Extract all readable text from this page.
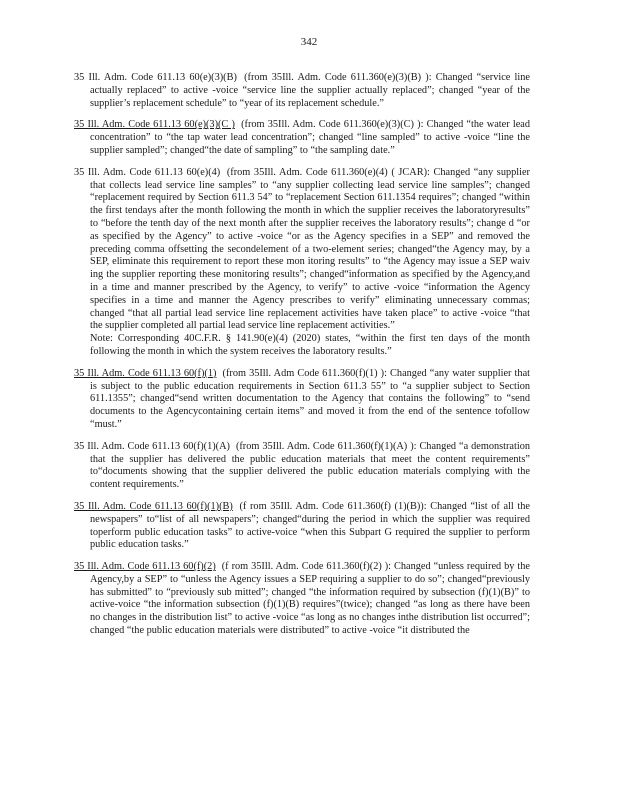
342

35 Ill. Adm. Code 611.13 60(e)(3)(B) (from 35Ill. Adm. Code 611.360(e)(3)(B) ): Changed “service line actually replaced” to active -voice “service line the supplier actually replaced”; changed “year of the supplier’s replacement schedule” to “year of its replacement schedule.”

35 Ill. Adm. Code 611.13 60(e)(3)(C ) (from 35Ill. Adm. Code 611.360(e)(3)(C) ): Changed “the water lead concentration” to “the tap water lead concentration”; changed “line sampled” to active -voice “line the supplier sampled”; changed“the date of sampling” to “the sampling date.”

35 Ill. Adm. Code 611.13 60(e)(4) (from 35Ill. Adm. Code 611.360(e)(4) ( JCAR): Changed “any supplier that collects lead service line samples” to “any supplier collecting lead service line samples”; changed “replacement required by Section 611.3 54” to “replacement Section 611.1354 requires”; changed “within the first tendays after the month following the month in which the supplier receives the laboratoryresults” to “before the tenth day of the next month after the supplier receives the laboratory results”; change d “or as specified by the Agency” to active -voice “or as the Agency specifies in a SEP” and removed the preceding comma offsetting the secondelement of a two-element series; changed“the Agency may, by a SEP, eliminate this requirement to report these mon itoring results” to “the Agency may issue a SEP waiv ing the supplier reporting these monitoring results”; changed“information as specified by the Agency,and in a time and manner prescribed by the Agency, to verify” to active -voice “information the Agency specifies in a time and manner the Agency prescribes to verify” eliminating unnecessary commas; changed “that all partial lead service line replacement activities have taken place” to active -voice “that the supplier completed all partial lead service line replacement activities.”
Note: Corresponding 40C.F.R. § 141.90(e)(4) (2020) states, “within the first ten days of the month following the month in which the system receives the laboratory results.”

35 Ill. Adm. Code 611.13 60(f)(1) (from 35Ill. Adm Code 611.360(f)(1) ): Changed “any water supplier that is subject to the public education requirements in Section 611.3 55” to “a supplier subject to Section 611.1355”; changed“send written documentation to the Agency that contains the following” to “send documents to the Agencycontaining certain items” and moved it from the end of the sentence tofollow “must.”

35 Ill. Adm. Code 611.13 60(f)(1)(A) (from 35Ill. Adm. Code 611.360(f)(1)(A) ): Changed “a demonstration that the supplier has delivered the public education materials that meet the content requirements” to“documents showing that the supplier delivered the public education materials complying with the content requirements.”

35 Ill. Adm. Code 611.13 60(f)(1)(B) (f rom 35Ill. Adm. Code 611.360(f) (1)(B)): Changed “list of all the newspapers” to“list of all newspapers”; changed“during the period in which the supplier was required toperform public education tasks” to active-voice “when this Subpart G required the supplier to perform public education tasks.”

35 Ill. Adm. Code 611.13 60(f)(2) (f rom 35Ill. Adm. Code 611.360(f)(2) ): Changed “unless required by the Agency,by a SEP” to “unless the Agency issues a SEP requiring a supplier to do so”; changed“previously has submitted” to “previously sub mitted”; changed “the information required by subsection (f)(1)(B)” to active-voice “the information subsection (f)(1)(B) requires”(twice); changed “as long as there have been no changes in the distribution list” to active -voice “as long as no changes inthe distribution list occurred”; changed “the public education materials were distributed” to active -voice “it distributed the
